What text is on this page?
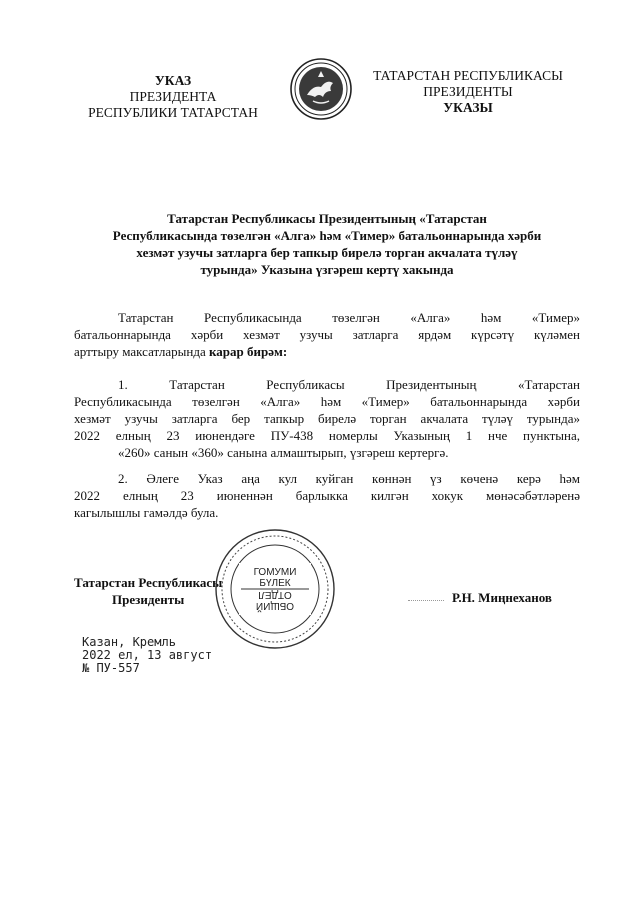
УКАЗ
ПРЕЗИДЕНТА
РЕСПУБЛИКИ ТАТАРСТАН
ТАТАРСТАН РЕСПУБЛИКАСЫ
ПРЕЗИДЕНТЫ
УКАЗЫ
Татарстан Республикасы Президентының «Татарстан
Республикасында төзелгән «Алга» һәм «Тимер» батальоннарында хәрби
хезмәт узучы затларга бер тапкыр бирелә торган акчалата түләү
турында» Указына үзгәреш кертү хакында
Татарстан Республикасында төзелгән «Алга» һәм «Тимер»
батальоннарында хәрби хезмәт узучы затларга ярдәм күрсәтү күләмен
арттыру максатларында карар бирәм:
1. Татарстан Республикасы Президентының «Татарстан
Республикасында төзелгән «Алга» һәм «Тимер» батальоннарында хәрби
хезмәт узучы затларга бер тапкыр бирелә торган акчалата түләү турында»
2022 елның 23 июнендәге ПУ-438 номерлы Указының 1 нче пунктына,
«260» санын «360» санына алмаштырып, үзгәреш кертергә.
2. Әлеге Указ аңа кул куйган көннән үз көченә керә һәм
2022 елның 23 июненнән барлыкка килгән хокук мөнәсәбәтләренә
кагылышлы гамәлдә була.
Татарстан Республикасы
Президенты	Р.Н. Миңнеханов
ГОМУМИ
БҮЛЕК
ОБЩИЙ
ОТДЕЛ
Казан, Кремль
2022 ел, 13 август
№ ПУ-557
